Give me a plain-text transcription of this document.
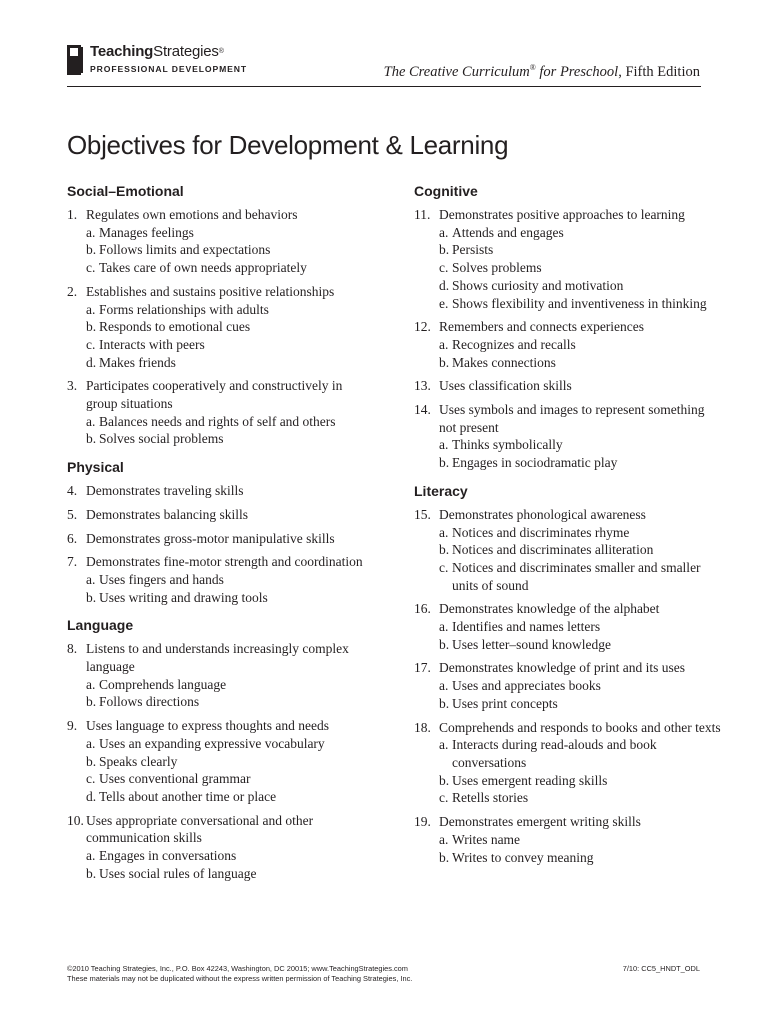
TeachingStrategies®
PROFESSIONAL DEVELOPMENT	The Creative Curriculum® for Preschool, Fifth Edition
Objectives for Development & Learning
Social–Emotional
1. Regulates own emotions and behaviors
a. Manages feelings
b. Follows limits and expectations
c. Takes care of own needs appropriately
2. Establishes and sustains positive relationships
a. Forms relationships with adults
b. Responds to emotional cues
c. Interacts with peers
d. Makes friends
3. Participates cooperatively and constructively in group situations
a. Balances needs and rights of self and others
b. Solves social problems
Physical
4. Demonstrates traveling skills
5. Demonstrates balancing skills
6. Demonstrates gross-motor manipulative skills
7. Demonstrates fine-motor strength and coordination
a. Uses fingers and hands
b. Uses writing and drawing tools
Language
8. Listens to and understands increasingly complex language
a. Comprehends language
b. Follows directions
9. Uses language to express thoughts and needs
a. Uses an expanding expressive vocabulary
b. Speaks clearly
c. Uses conventional grammar
d. Tells about another time or place
10. Uses appropriate conversational and other communication skills
a. Engages in conversations
b. Uses social rules of language
Cognitive
11. Demonstrates positive approaches to learning
a. Attends and engages
b. Persists
c. Solves problems
d. Shows curiosity and motivation
e. Shows flexibility and inventiveness in thinking
12. Remembers and connects experiences
a. Recognizes and recalls
b. Makes connections
13. Uses classification skills
14. Uses symbols and images to represent something not present
a. Thinks symbolically
b. Engages in sociodramatic play
Literacy
15. Demonstrates phonological awareness
a. Notices and discriminates rhyme
b. Notices and discriminates alliteration
c. Notices and discriminates smaller and smaller units of sound
16. Demonstrates knowledge of the alphabet
a. Identifies and names letters
b. Uses letter–sound knowledge
17. Demonstrates knowledge of print and its uses
a. Uses and appreciates books
b. Uses print concepts
18. Comprehends and responds to books and other texts
a. Interacts during read-alouds and book conversations
b. Uses emergent reading skills
c. Retells stories
19. Demonstrates emergent writing skills
a. Writes name
b. Writes to convey meaning
©2010 Teaching Strategies, Inc., P.O. Box 42243, Washington, DC 20015; www.TeachingStrategies.com
These materials may not be duplicated without the express written permission of Teaching Strategies, Inc.
7/10: CC5_HNDT_ODL
